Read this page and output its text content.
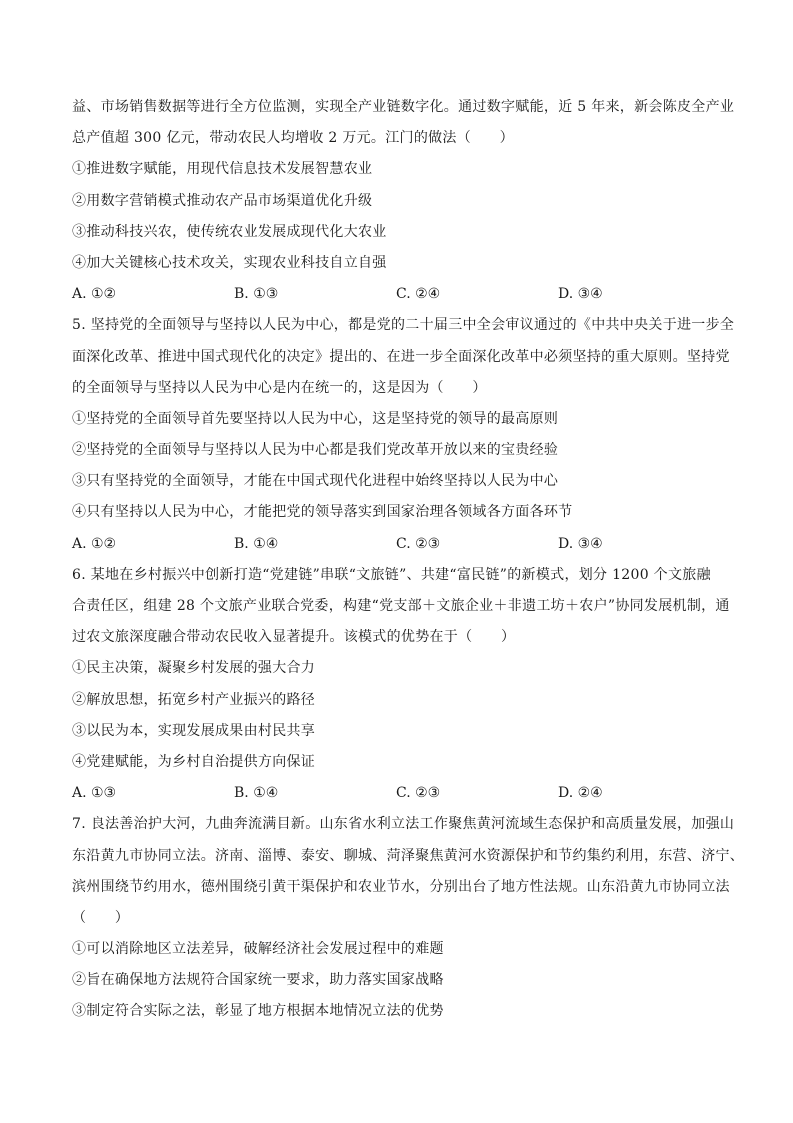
益、市场销售数据等进行全方位监测，实现全产业链数字化。通过数字赋能，近 5 年来，新会陈皮全产业
总产值超 300 亿元，带动农民人均增收 2 万元。江门的做法（　　）
①推进数字赋能，用现代信息技术发展智慧农业
②用数字营销模式推动农产品市场渠道优化升级
③推动科技兴农，使传统农业发展成现代化大农业
④加大关键核心技术攻关，实现农业科技自立自强
A. ①②	B. ①③	C. ②④	D. ③④
5. 坚持党的全面领导与坚持以人民为中心，都是党的二十届三中全会审议通过的《中共中央关于进一步全
面深化改革、推进中国式现代化的决定》提出的、在进一步全面深化改革中必须坚持的重大原则。坚持党
的全面领导与坚持以人民为中心是内在统一的，这是因为（　　）
①坚持党的全面领导首先要坚持以人民为中心，这是坚持党的领导的最高原则
②坚持党的全面领导与坚持以人民为中心都是我们党改革开放以来的宝贵经验
③只有坚持党的全面领导，才能在中国式现代化进程中始终坚持以人民为中心
④只有坚持以人民为中心，才能把党的领导落实到国家治理各领域各方面各环节
A. ①②	B. ①④	C. ②③	D. ③④
6. 某地在乡村振兴中创新打造“党建链”串联“文旅链”、共建“富民链”的新模式，划分 1200 个文旅融
合责任区，组建 28 个文旅产业联合党委，构建“党支部＋文旅企业＋非遗工坊＋农户”协同发展机制，通
过农文旅深度融合带动农民收入显著提升。该模式的优势在于（　　）
①民主决策，凝聚乡村发展的强大合力
②解放思想，拓宽乡村产业振兴的路径
③以民为本，实现发展成果由村民共享
④党建赋能，为乡村自治提供方向保证
A. ①③	B. ①④	C. ②③	D. ②④
7. 良法善治护大河，九曲奔流满目新。山东省水利立法工作聚焦黄河流域生态保护和高质量发展，加强山
东沿黄九市协同立法。济南、淄博、泰安、聊城、菏泽聚焦黄河水资源保护和节约集约利用，东营、济宁、
滨州围绕节约用水，德州围绕引黄干渠保护和农业节水，分别出台了地方性法规。山东沿黄九市协同立法
（　　）
①可以消除地区立法差异，破解经济社会发展过程中的难题
②旨在确保地方法规符合国家统一要求，助力落实国家战略
③制定符合实际之法，彰显了地方根据本地情况立法的优势
